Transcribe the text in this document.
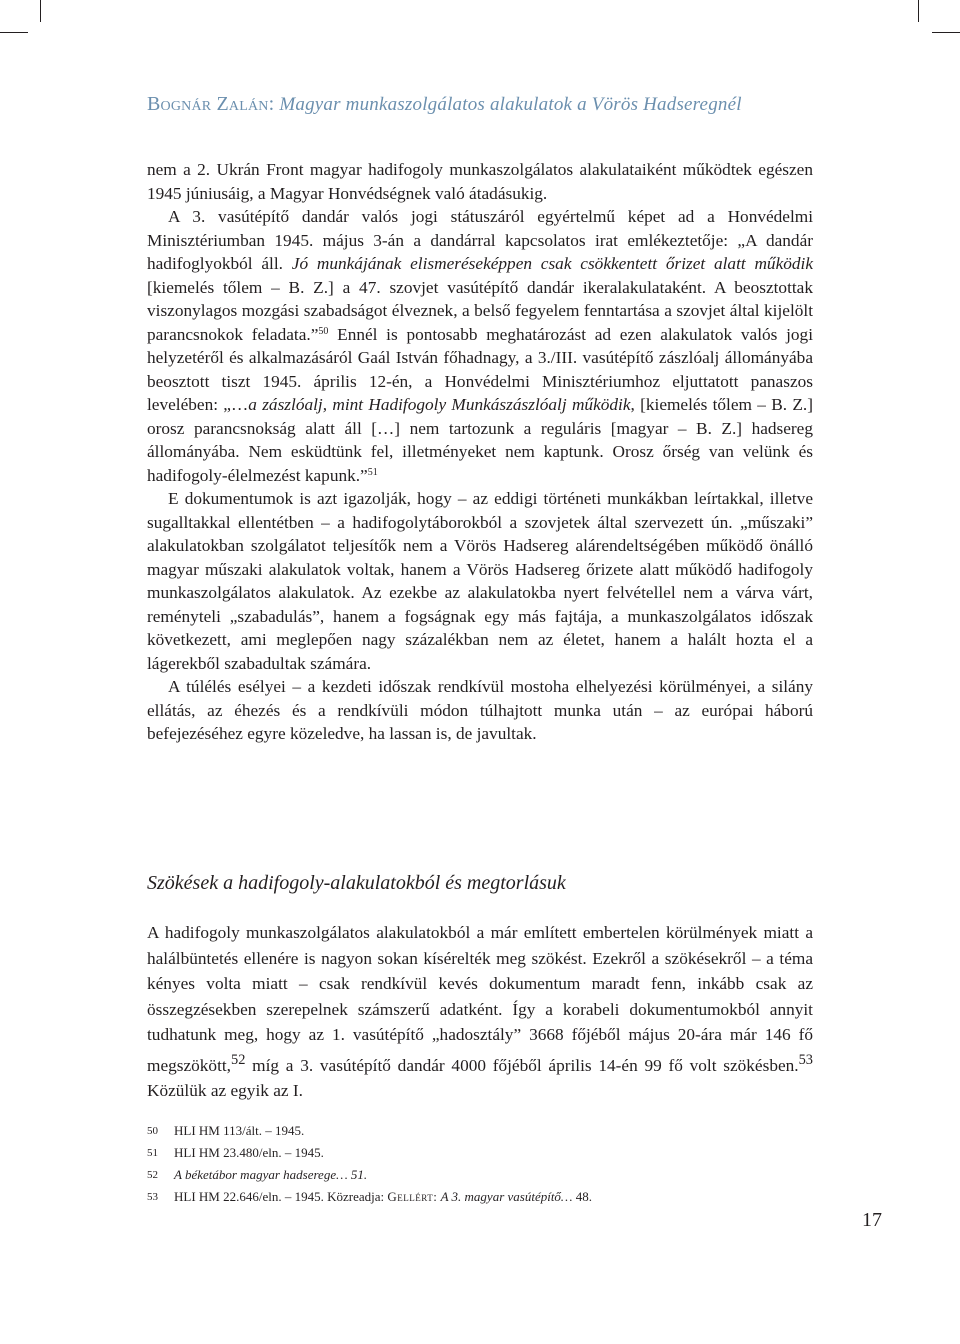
Bognár Zalán: Magyar munkaszolgálatos alakulatok a Vörös Hadseregnél

nem a 2. Ukrán Front magyar hadifogoly munkaszolgálatos alakulataiként működtek egészen 1945 júniusáig, a Magyar Honvédségnek való átadásukig.

A 3. vasútépítő dandár valós jogi státuszáról egyértelmű képet ad a Honvédelmi Minisztériumban 1945. május 3-án a dandárral kapcsolatos irat emlékeztetője: „A dandár hadifoglyokból áll. Jó munkájának elismeréseképpen csak csökkentett őrizet alatt működik [kiemelés tőlem – B. Z.] a 47. szovjet vasútépítő dandár ikeralakulataként. A beosztottak viszonylagos mozgási szabadságot élveznek, a belső fegyelem fenntartása a szovjet által kijelölt parancsnokok feladata.”$^{50}$ Ennél is pontosabb meghatározást ad ezen alakulatok valós jogi helyzetéről és alkalmazásáról Gaál István főhadnagy, a 3./III. vasútépítő zászlóalj állományába beosztott tiszt 1945. április 12-én, a Honvédelmi Minisztériumhoz eljuttatott panaszos levelében: „…a zászlóalj, mint Hadifogoly Munkászászlóalj működik, [kiemelés tőlem – B. Z.] orosz parancsnokság alatt áll […] nem tartozunk a reguláris [magyar – B. Z.] hadsereg állományába. Nem esküdtünk fel, illetményeket nem kaptunk. Orosz őrség van velünk és hadifogoly-élelmezést kapunk.”$^{51}$

E dokumentumok is azt igazolják, hogy – az eddigi történeti munkákban leírtakkal, illetve sugalltakkal ellentétben – a hadifogolytáborokból a szovjetek által szervezett ún. „műszaki” alakulatokban szolgálatot teljesítők nem a Vörös Hadsereg alárendeltségében működő önálló magyar műszaki alakulatok voltak, hanem a Vörös Hadsereg őrizete alatt működő hadifogoly munkaszolgálatos alakulatok. Az ezekbe az alakulatokba nyert felvétellel nem a várva várt, reményteli „szabadulás”, hanem a fogságnak egy más fajtája, a munkaszolgálatos időszak következett, ami meglepően nagy százalékban nem az életet, hanem a halált hozta el a lágerekből szabadultak számára.

A túlélés esélyei – a kezdeti időszak rendkívül mostoha elhelyezési körülményei, a silány ellátás, az éhezés és a rendkívüli módon túlhajtott munka után – az európai háború befejezéséhez egyre közeledve, ha lassan is, de javultak.

Szökések a hadifogoly-alakulatokból és megtorlásuk

A hadifogoly munkaszolgálatos alakulatokból a már említett embertelen körülmények miatt a halálbüntetés ellenére is nagyon sokan kísérelték meg szökést. Ezekről a szökésekről – a téma kényes volta miatt – csak rendkívül kevés dokumentum maradt fenn, inkább csak az összegzésekben szerepelnek számszerű adatként. Így a korabeli dokumentumokból annyit tudhatunk meg, hogy az 1. vasútépítő „hadosztály” 3668 főjéből május 20-ára már 146 fő megszökött,$^{52}$ míg a 3. vasútépítő dandár 4000 főjéből április 14-én 99 fő volt szökésben.$^{53}$ Közülük az egyik az I.

50	HLI HM 113/ált. – 1945.
51	HLI HM 23.480/eln. – 1945.
52	A béketábor magyar hadserege… 51.
53	HLI HM 22.646/eln. – 1945. Közreadja: Gellért: A 3. magyar vasútépítő… 48.
17
